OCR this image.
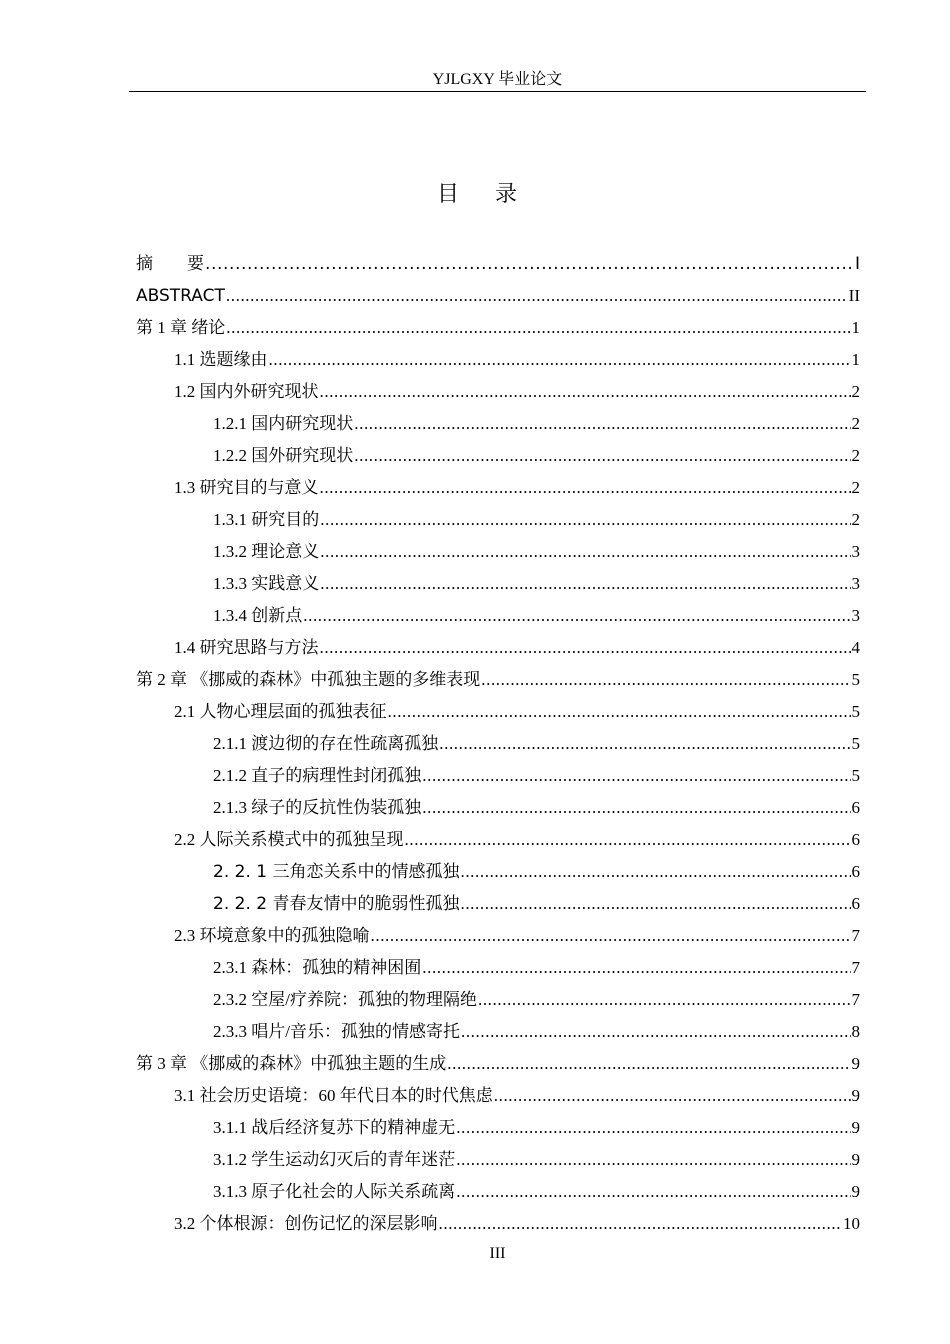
YJLGXY 毕业论文
目录
摘　　要 .....	I
ABSTRACT .....	II
第 1 章 绪论 .....	1
1.1 选题缘由 .....	1
1.2 国内外研究现状 .....	2
1.2.1 国内研究现状 .....	2
1.2.2 国外研究现状 .....	2
1.3 研究目的与意义 .....	2
1.3.1 研究目的 .....	2
1.3.2 理论意义 .....	3
1.3.3 实践意义 .....	3
1.3.4 创新点 .....	3
1.4 研究思路与方法 .....	4
第 2 章 《挪威的森林》中孤独主题的多维表现 .....	5
2.1 人物心理层面的孤独表征 .....	5
2.1.1 渡边彻的存在性疏离孤独 .....	5
2.1.2 直子的病理性封闭孤独 .....	5
2.1.3 绿子的反抗性伪装孤独 .....	6
2.2 人际关系模式中的孤独呈现 .....	6
2. 2. 1 三角恋关系中的情感孤独 .....	6
2. 2. 2 青春友情中的脆弱性孤独 .....	6
2.3 环境意象中的孤独隐喻 .....	7
2.3.1 森林：孤独的精神困囿 .....	7
2.3.2 空屋/疗养院：孤独的物理隔绝 .....	7
2.3.3 唱片/音乐：孤独的情感寄托 .....	8
第 3 章 《挪威的森林》中孤独主题的生成 .....	9
3.1 社会历史语境：60 年代日本的时代焦虑 .....	9
3.1.1 战后经济复苏下的精神虚无 .....	9
3.1.2 学生运动幻灭后的青年迷茫 .....	9
3.1.3 原子化社会的人际关系疏离 .....	9
3.2 个体根源：创伤记忆的深层影响 .....	10
III
